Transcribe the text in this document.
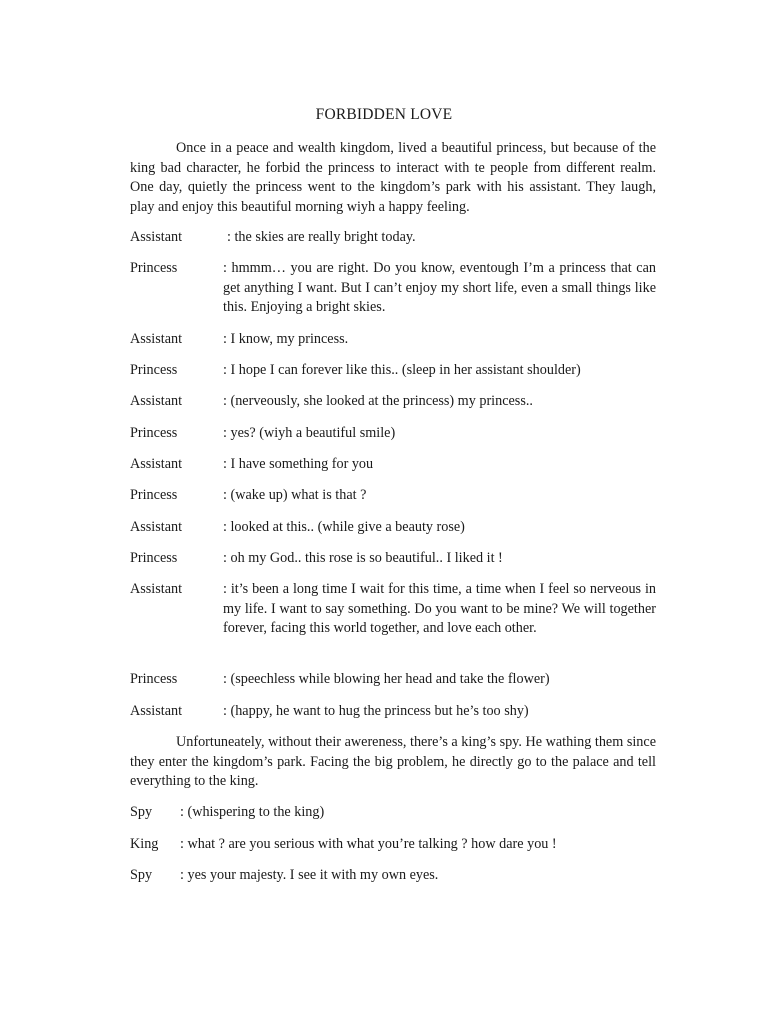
FORBIDDEN LOVE

Once in a peace and wealth kingdom, lived a beautiful princess, but because of the king bad character, he forbid the princess to interact with te people from different realm. One day, quietly the princess went to the kingdom’s park with his assistant. They laugh, play and enjoy this beautiful morning wiyh a happy feeling.

Assistant	: the skies are really bright today.
Princess	: hmmm… you are right. Do you know, eventough I’m a princess that can get anything I want. But I can’t enjoy my short life, even a small things like this. Enjoying a bright skies.
Assistant	: I know, my princess.
Princess	: I hope I can forever like this.. (sleep in her assistant shoulder)
Assistant	: (nerveously, she looked at the princess) my princess..
Princess	: yes? (wiyh a beautiful smile)
Assistant	: I have something for you
Princess	: (wake up) what is that ?
Assistant	: looked at this.. (while give a beauty rose)
Princess	: oh my God.. this rose is so beautiful.. I liked it !
Assistant	: it’s been a long time I wait for this time, a time when I feel so nerveous in my life. I want to say something. Do you want to be mine? We will together forever, facing this world together, and love each other.
Princess	: (speechless while blowing her head and take the flower)
Assistant	: (happy, he want to hug the princess but he’s too shy)

Unfortuneately, without their awereness, there’s a king’s spy. He wathing them since they enter the kingdom’s park. Facing the big problem, he directly go to the palace and tell everything to the king.

Spy : (whispering to the king)
King : what ? are you serious with what you’re talking ? how dare you !
Spy : yes your majesty. I see it with my own eyes.
